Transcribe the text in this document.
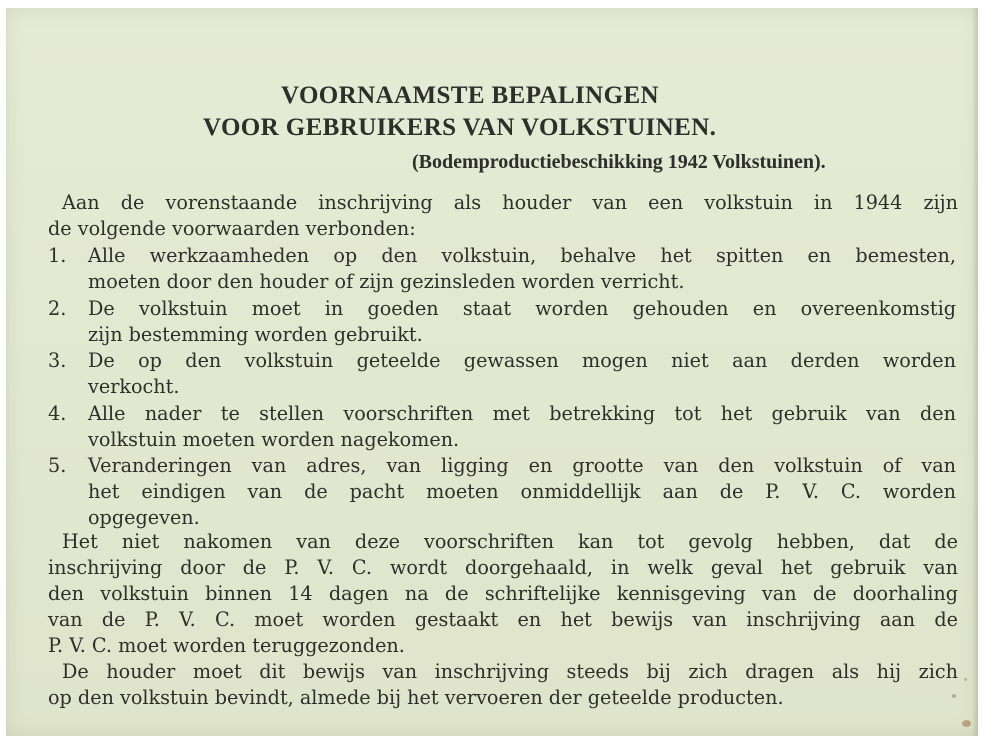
VOORNAAMSTE BEPALINGEN
VOOR GEBRUIKERS VAN VOLKSTUINEN.
(Bodemproductiebeschikking 1942 Volkstuinen).
Aan de vorenstaande inschrijving als houder van een volkstuin in 1944 zijn
de volgende voorwaarden verbonden:
1. Alle werkzaamheden op den volkstuin, behalve het spitten en bemesten,
moeten door den houder of zijn gezinsleden worden verricht.
2. De volkstuin moet in goeden staat worden gehouden en overeenkomstig
zijn bestemming worden gebruikt.
3. De op den volkstuin geteelde gewassen mogen niet aan derden worden
verkocht.
4. Alle nader te stellen voorschriften met betrekking tot het gebruik van den
volkstuin moeten worden nagekomen.
5. Veranderingen van adres, van ligging en grootte van den volkstuin of van
het eindigen van de pacht moeten onmiddellijk aan de P. V. C. worden
opgegeven.
Het niet nakomen van deze voorschriften kan tot gevolg hebben, dat de
inschrijving door de P. V. C. wordt doorgehaald, in welk geval het gebruik van
den volkstuin binnen 14 dagen na de schriftelijke kennisgeving van de doorhaling
van de P. V. C. moet worden gestaakt en het bewijs van inschrijving aan de
P. V. C. moet worden teruggezonden.
De houder moet dit bewijs van inschrijving steeds bij zich dragen als hij zich
op den volkstuin bevindt, almede bij het vervoeren der geteelde producten.
